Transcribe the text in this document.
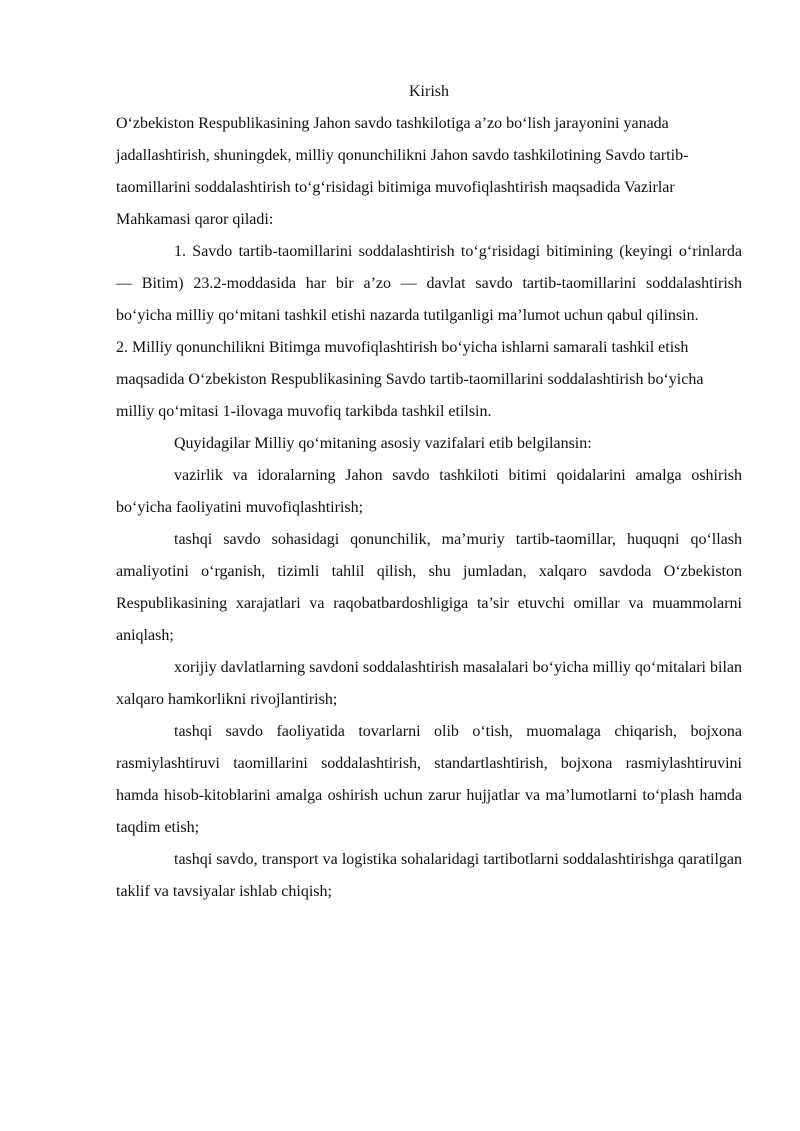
Kirish

O‘zbekiston Respublikasining Jahon savdo tashkilotiga a’zo bo‘lish jarayonini yanada jadallashtirish, shuningdek, milliy qonunchilikni Jahon savdo tashkilotining Savdo tartib-taomillarini soddalashtirish to‘g‘risidagi bitimiga muvofiqlashtirish maqsadida Vazirlar Mahkamasi qaror qiladi:

1. Savdo tartib-taomillarini soddalashtirish to‘g‘risidagi bitimining (keyingi o‘rinlarda — Bitim) 23.2-moddasida har bir a’zo — davlat savdo tartib-taomillarini soddalashtirish bo‘yicha milliy qo‘mitani tashkil etishi nazarda tutilganligi ma’lumot uchun qabul qilinsin.

2. Milliy qonunchilikni Bitimga muvofiqlashtirish bo‘yicha ishlarni samarali tashkil etish maqsadida O‘zbekiston Respublikasining Savdo tartib-taomillarini soddalashtirish bo‘yicha milliy qo‘mitasi 1-ilovaga muvofiq tarkibda tashkil etilsin.

Quyidagilar Milliy qo‘mitaning asosiy vazifalari etib belgilansin:

vazirlik va idoralarning Jahon savdo tashkiloti bitimi qoidalarini amalga oshirish bo‘yicha faoliyatini muvofiqlashtirish;

tashqi savdo sohasidagi qonunchilik, ma’muriy tartib-taomillar, huquqni qo‘llash amaliyotini o‘rganish, tizimli tahlil qilish, shu jumladan, xalqaro savdoda O‘zbekiston Respublikasining xarajatlari va raqobatbardoshligiga ta’sir etuvchi omillar va muammolarni aniqlash;

xorijiy davlatlarning savdoni soddalashtirish masalalari bo‘yicha milliy qo‘mitalari bilan xalqaro hamkorlikni rivojlantirish;

tashqi savdo faoliyatida tovarlarni olib o‘tish, muomalaga chiqarish, bojxona rasmiylashtiruvi taomillarini soddalashtirish, standartlashtirish, bojxona rasmiylashtiruvini hamda hisob-kitoblarini amalga oshirish uchun zarur hujjatlar va ma’lumotlarni to‘plash hamda taqdim etish;

tashqi savdo, transport va logistika sohalaridagi tartibotlarni soddalashtirishga qaratilgan taklif va tavsiyalar ishlab chiqish;
